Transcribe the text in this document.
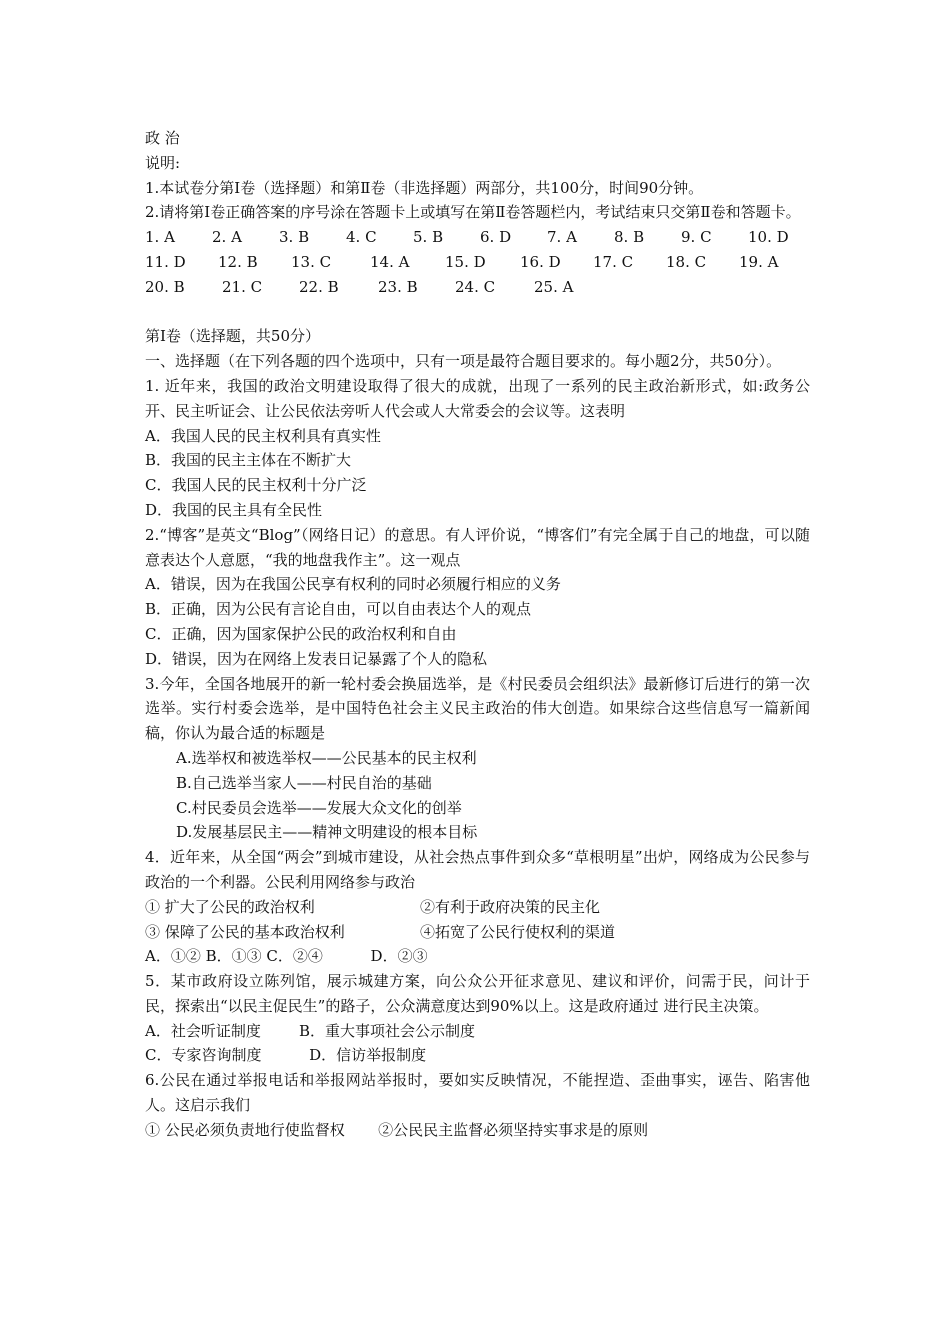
政 治
说明:
1.本试卷分第Ⅰ卷（选择题）和第Ⅱ卷（非选择题）两部分，共100分，时间90分钟。
2.请将第Ⅰ卷正确答案的序号涂在答题卡上或填写在第Ⅱ卷答题栏内，考试结束只交第Ⅱ卷和答题卡。
1. A	2. A	3. B	4. C	5. B	6. D	7. A	8. B	9. C	10. D
11. D	12. B	13. C	14. A	15. D	16. D	17. C	18. C	19. A
20. B	21. C	22. B	23. B	24. C	25. A
第Ⅰ卷（选择题，共50分）
一、选择题（在下列各题的四个选项中，只有一项是最符合题目要求的。每小题2分，共50分）。
1. 近年来，我国的政治文明建设取得了很大的成就，出现了一系列的民主政治新形式，如:政务公开、民主听证会、让公民依法旁听人代会或人大常委会的会议等。这表明
A．我国人民的民主权利具有真实性
B．我国的民主主体在不断扩大
C．我国人民的民主权利十分广泛
D．我国的民主具有全民性
2.“博客”是英文“Blog”（网络日记）的意思。有人评价说，“博客们”有完全属于自己的地盘，可以随意表达个人意愿，“我的地盘我作主”。这一观点
A．错误，因为在我国公民享有权利的同时必须履行相应的义务
B．正确，因为公民有言论自由，可以自由表达个人的观点
C．正确，因为国家保护公民的政治权利和自由
D．错误，因为在网络上发表日记暴露了个人的隐私
3.今年，全国各地展开的新一轮村委会换届选举，是《村民委员会组织法》最新修订后进行的第一次选举。实行村委会选举，是中国特色社会主义民主政治的伟大创造。如果综合这些信息写一篇新闻稿，你认为最合适的标题是
A.选举权和被选举权——公民基本的民主权利
B.自己选举当家人——村民自治的基础
C.村民委员会选举——发展大众文化的创举
D.发展基层民主——精神文明建设的根本目标
4．近年来，从全国“两会”到城市建设，从社会热点事件到众多“草根明星”出炉，网络成为公民参与政治的一个利器。公民利用网络参与政治
① 扩大了公民的政治权利	②有利于政府决策的民主化
③ 保障了公民的基本政治权利	④拓宽了公民行使权利的渠道
A．①② B．①③ C．②④          D．②③
5．某市政府设立陈列馆，展示城建方案，向公众公开征求意见、建议和评价，问需于民，问计于民，探索出“以民主促民生”的路子，公众满意度达到90%以上。这是政府通过 进行民主决策。
A．社会听证制度        B．重大事项社会公示制度
C．专家咨询制度          D．信访举报制度
6.公民在通过举报电话和举报网站举报时，要如实反映情况，不能捏造、歪曲事实，诬告、陷害他人。这启示我们
① 公民必须负责地行使监督权       ②公民民主监督必须坚持实事求是的原则
